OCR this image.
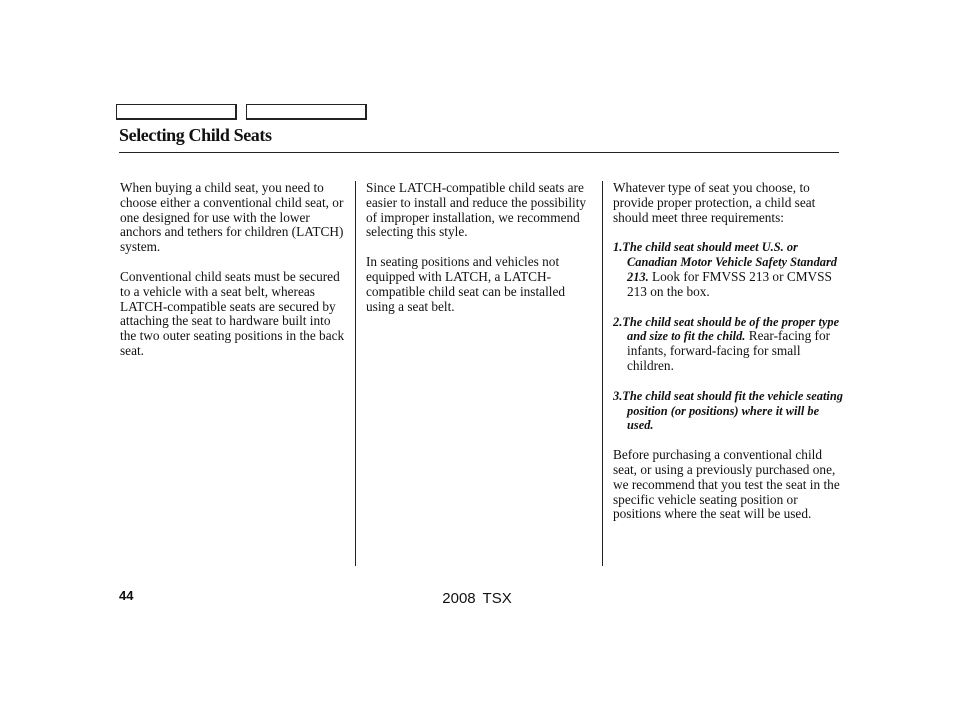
Selecting Child Seats

When buying a child seat, you need to choose either a conventional child seat, or one designed for use with the lower anchors and tethers for children (LATCH) system.

Conventional child seats must be secured to a vehicle with a seat belt, whereas LATCH-compatible seats are secured by attaching the seat to hardware built into the two outer seating positions in the back seat.

Since LATCH-compatible child seats are easier to install and reduce the possibility of improper installation, we recommend selecting this style.

In seating positions and vehicles not equipped with LATCH, a LATCH-compatible child seat can be installed using a seat belt.

Whatever type of seat you choose, to provide proper protection, a child seat should meet three requirements:

1.The child seat should meet U.S. or Canadian Motor Vehicle Safety Standard 213. Look for FMVSS 213 or CMVSS 213 on the box.

2.The child seat should be of the proper type and size to fit the child. Rear-facing for infants, forward-facing for small children.

3.The child seat should fit the vehicle seating position (or positions) where it will be used.

Before purchasing a conventional child seat, or using a previously purchased one, we recommend that you test the seat in the specific vehicle seating position or positions where the seat will be used.

44	2008 TSX
